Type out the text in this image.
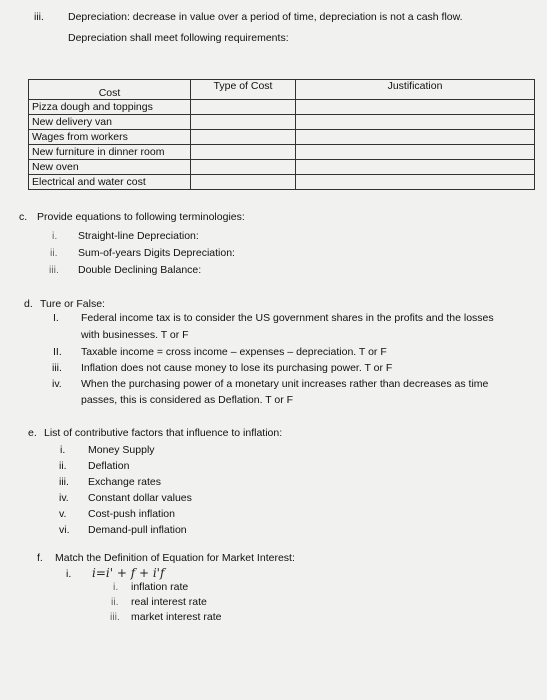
iii. Depreciation: decrease in value over a period of time, depreciation is not a cash flow.
Depreciation shall meet following requirements:
Cost	Type of Cost	Justification
Pizza dough and toppings		
New delivery van		
Wages from workers		
New furniture in dinner room		
New oven		
Electrical and water cost		
c. Provide equations to following terminologies:
i.	Straight-line Depreciation:
ii.	Sum-of-years Digits Depreciation:
iii.	Double Declining Balance:
d. Ture or False:
I.	Federal income tax is to consider the US government shares in the profits and the losses
with businesses. T or F
II.	Taxable income = cross income – expenses – depreciation. T or F
iii.	Inflation does not cause money to lose its purchasing power. T or F
iv.	When the purchasing power of a monetary unit increases rather than decreases as time
passes, this is considered as Deflation. T or F
e. List of contributive factors that influence to inflation:
i.	Money Supply
ii.	Deflation
iii.	Exchange rates
iv.	Constant dollar values
v.	Cost-push inflation
vi.	Demand-pull inflation
f. Match the Definition of Equation for Market Interest:
i.	i=i' + f + i'f
i. inflation rate
ii. real interest rate
iii. market interest rate
